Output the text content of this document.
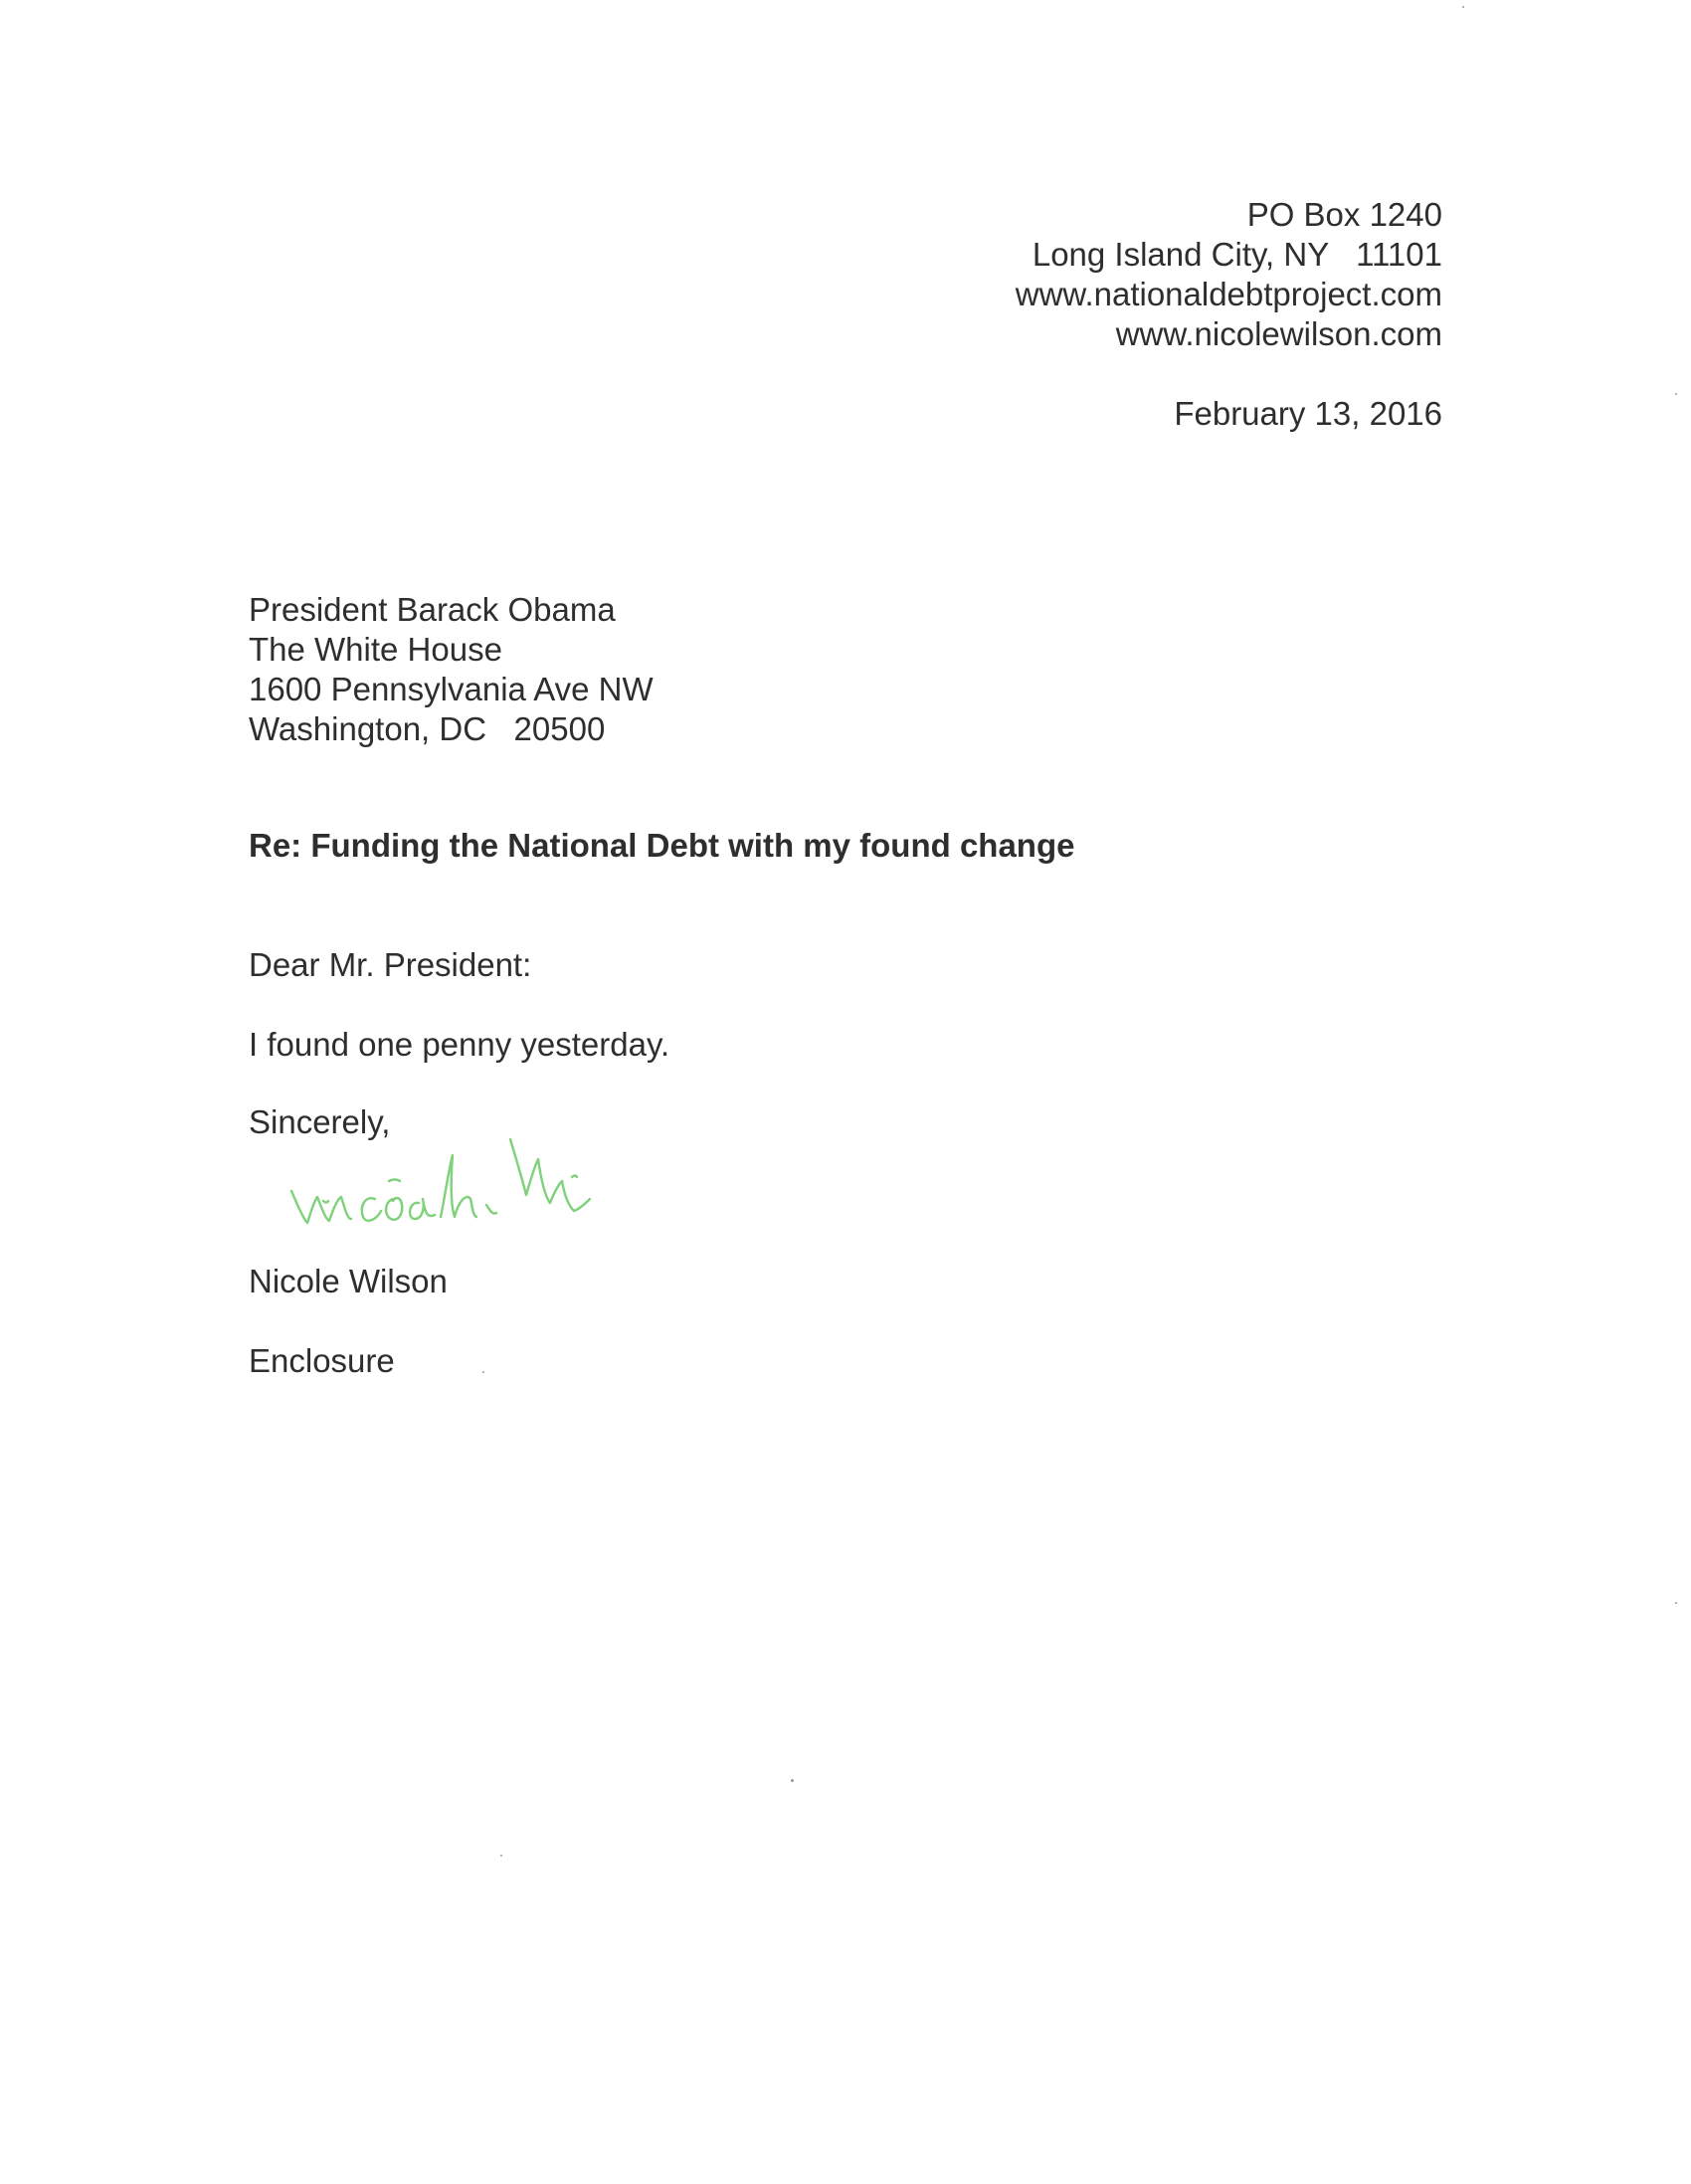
PO Box 1240
Long Island City, NY   11101
www.nationaldebtproject.com
www.nicolewilson.com
February 13, 2016
President Barack Obama
The White House
1600 Pennsylvania Ave NW
Washington, DC   20500
Re: Funding the National Debt with my found change
Dear Mr. President:
I found one penny yesterday.
Sincerely,
Nicole Wilson
Enclosure
